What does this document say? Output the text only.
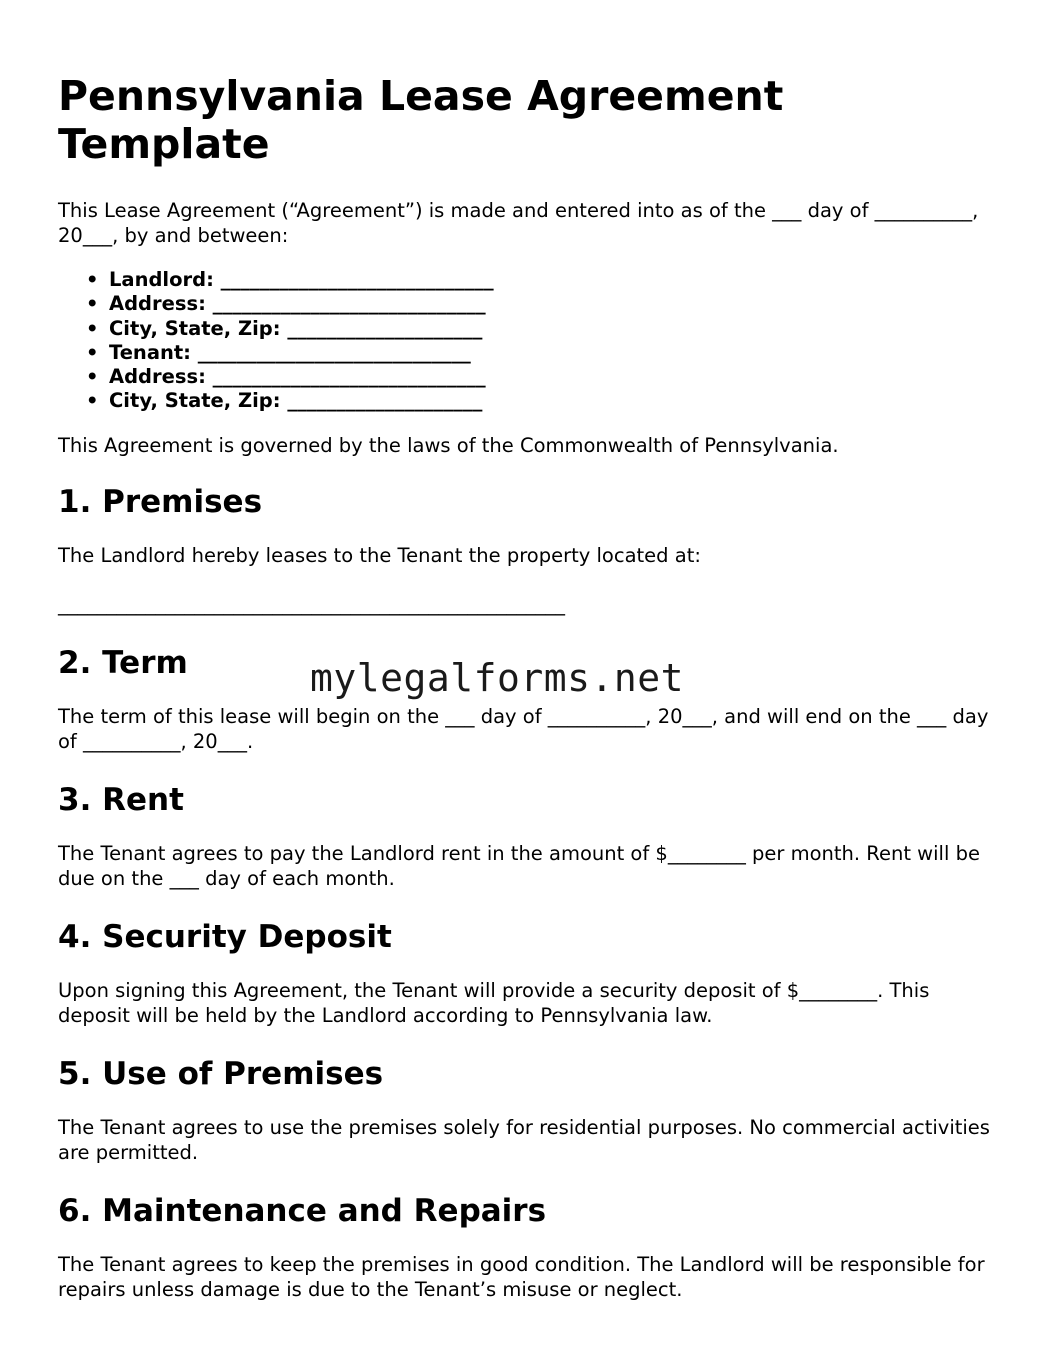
Pennsylvania Lease Agreement Template

This Lease Agreement (“Agreement”) is made and entered into as of the ___ day of __________, 20___, by and between:

• Landlord: ____________________________
• Address: ____________________________
• City, State, Zip: ____________________
• Tenant: ____________________________
• Address: ____________________________
• City, State, Zip: ____________________

This Agreement is governed by the laws of the Commonwealth of Pennsylvania.

1. Premises

The Landlord hereby leases to the Tenant the property located at:

____________________________________________________

2. Term

The term of this lease will begin on the ___ day of __________, 20___, and will end on the ___ day of __________, 20___.

3. Rent

The Tenant agrees to pay the Landlord rent in the amount of $________ per month. Rent will be due on the ___ day of each month.

4. Security Deposit

Upon signing this Agreement, the Tenant will provide a security deposit of $________. This deposit will be held by the Landlord according to Pennsylvania law.

5. Use of Premises

The Tenant agrees to use the premises solely for residential purposes. No commercial activities are permitted.

6. Maintenance and Repairs

The Tenant agrees to keep the premises in good condition. The Landlord will be responsible for repairs unless damage is due to the Tenant’s misuse or neglect.

mylegalforms.net
